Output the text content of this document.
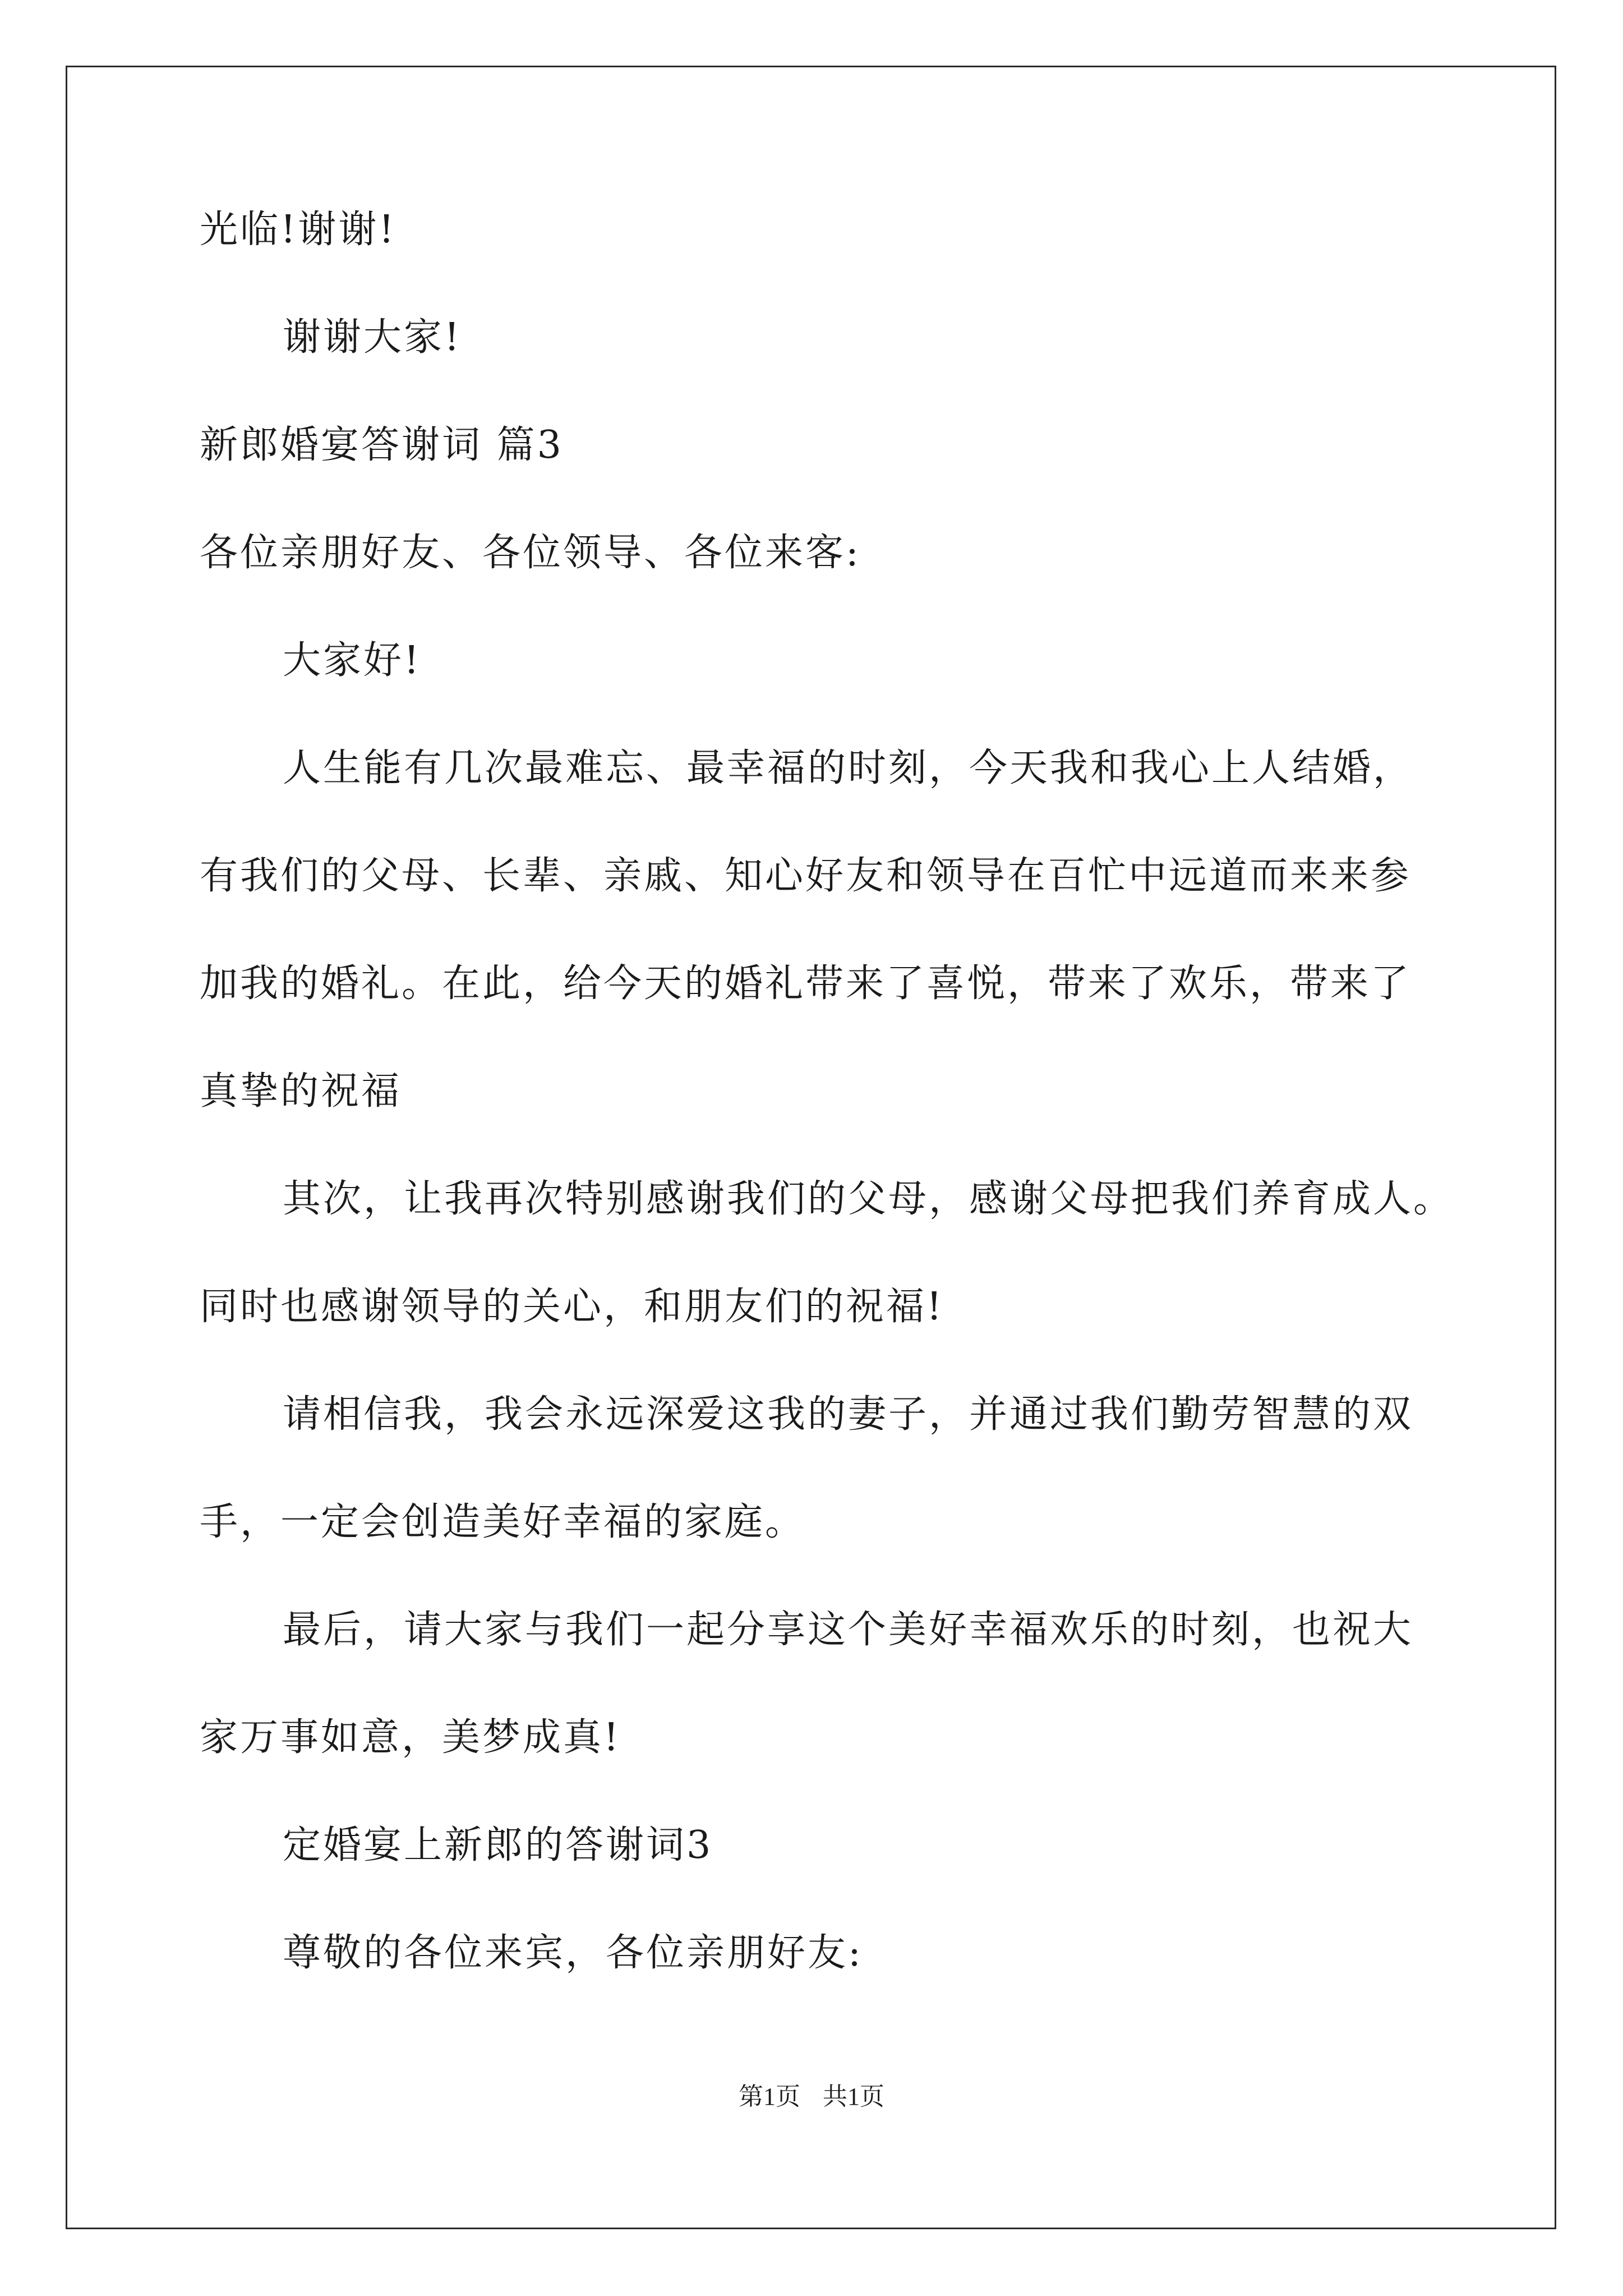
光临!谢谢!
谢谢大家!
新郎婚宴答谢词 篇3
各位亲朋好友、各位领导、各位来客:
大家好!
人生能有几次最难忘、最幸福的时刻，今天我和我心上人结婚，
有我们的父母、长辈、亲戚、知心好友和领导在百忙中远道而来来参
加我的婚礼。在此，给今天的婚礼带来了喜悦，带来了欢乐，带来了
真挚的祝福
其次，让我再次特别感谢我们的父母，感谢父母把我们养育成人。
同时也感谢领导的关心，和朋友们的祝福!
请相信我，我会永远深爱这我的妻子，并通过我们勤劳智慧的双
手，一定会创造美好幸福的家庭。
最后，请大家与我们一起分享这个美好幸福欢乐的时刻，也祝大
家万事如意，美梦成真!
定婚宴上新郎的答谢词3
尊敬的各位来宾，各位亲朋好友:
第1页 共1页
